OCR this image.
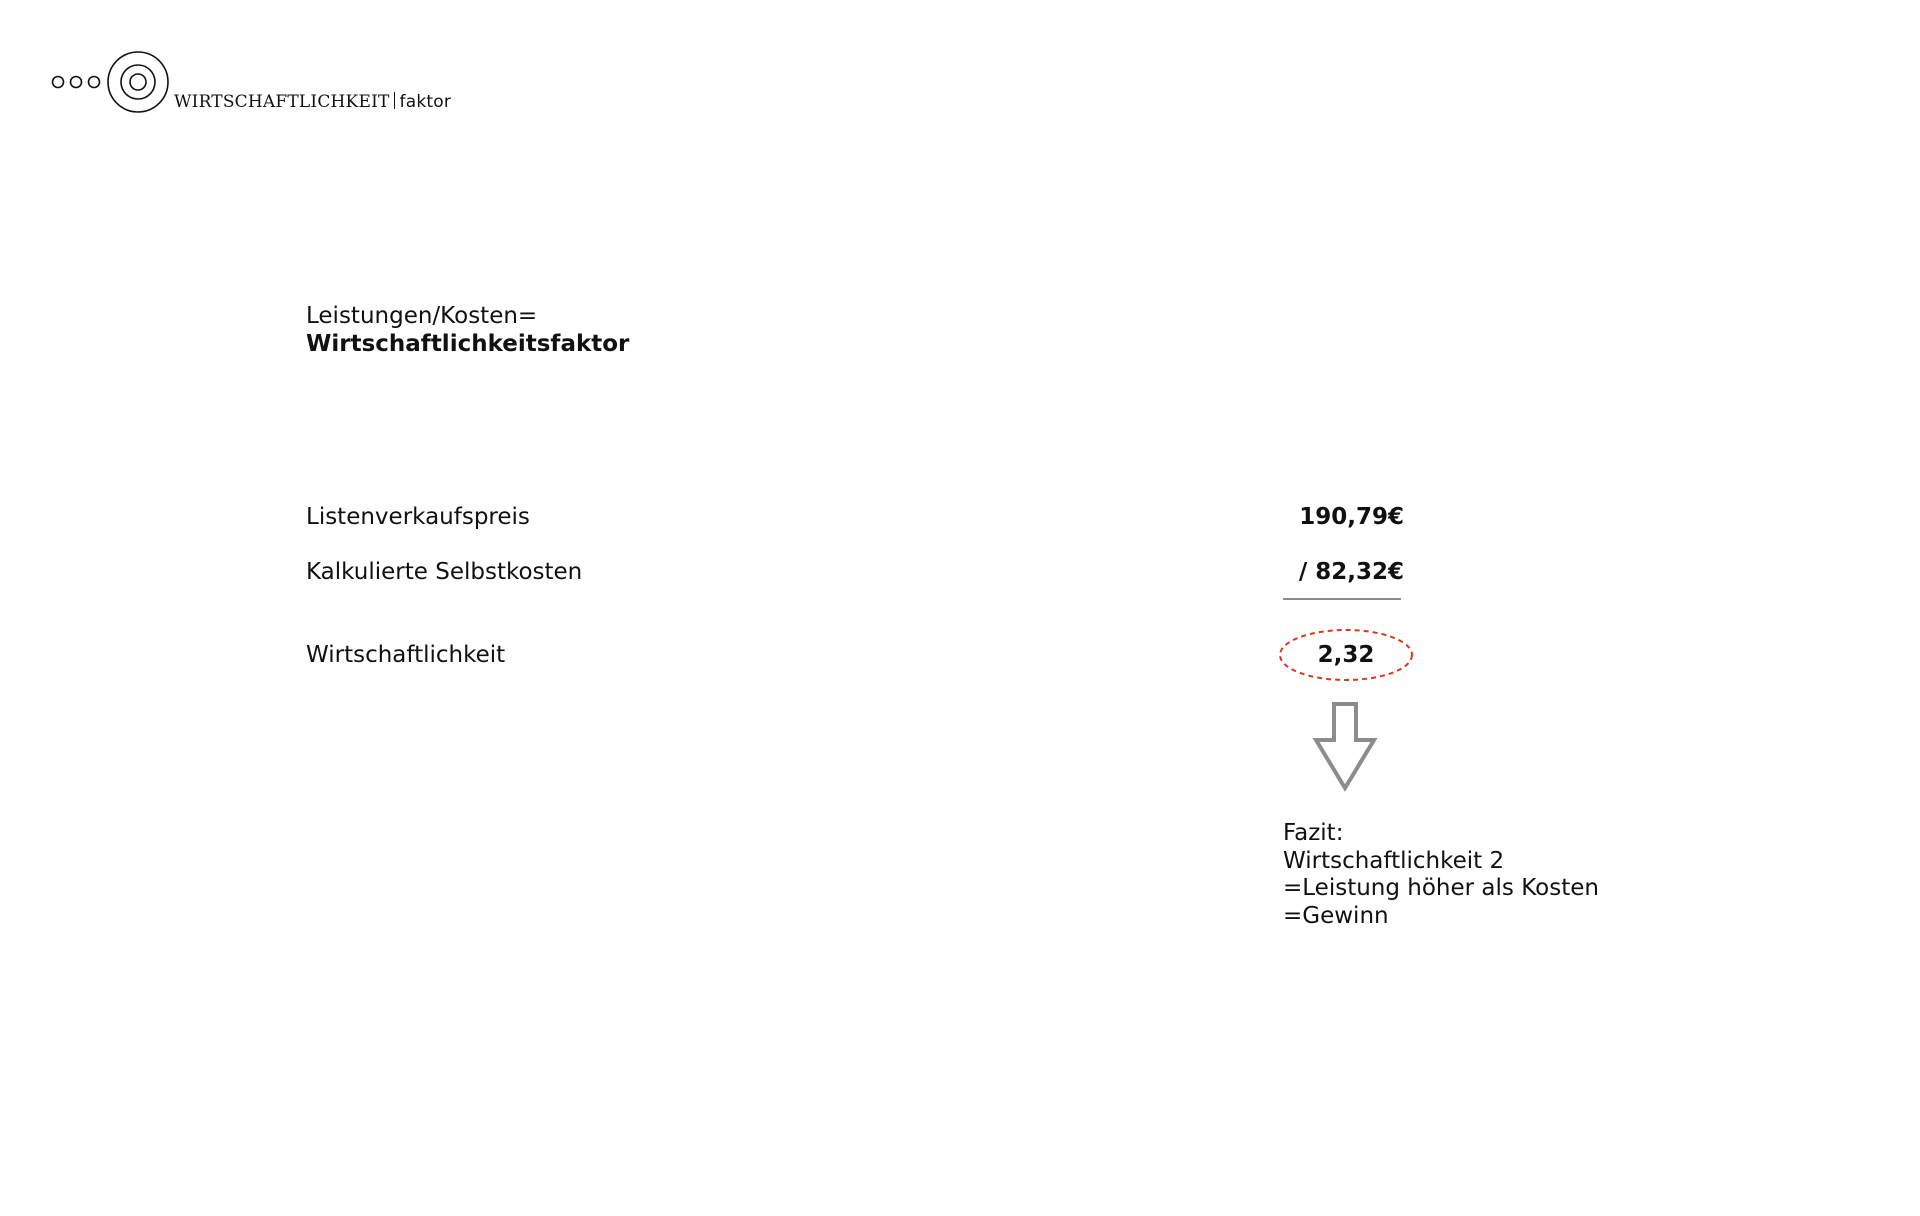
WIRTSCHAFTLICHKEIT faktor
Leistungen/Kosten=
Wirtschaftlichkeitsfaktor
Listenverkaufspreis	190,79€
Kalkulierte Selbstkosten	/ 82,32€
Wirtschaftlichkeit	2,32
Fazit:
Wirtschaftlichkeit 2
=Leistung höher als Kosten
=Gewinn
